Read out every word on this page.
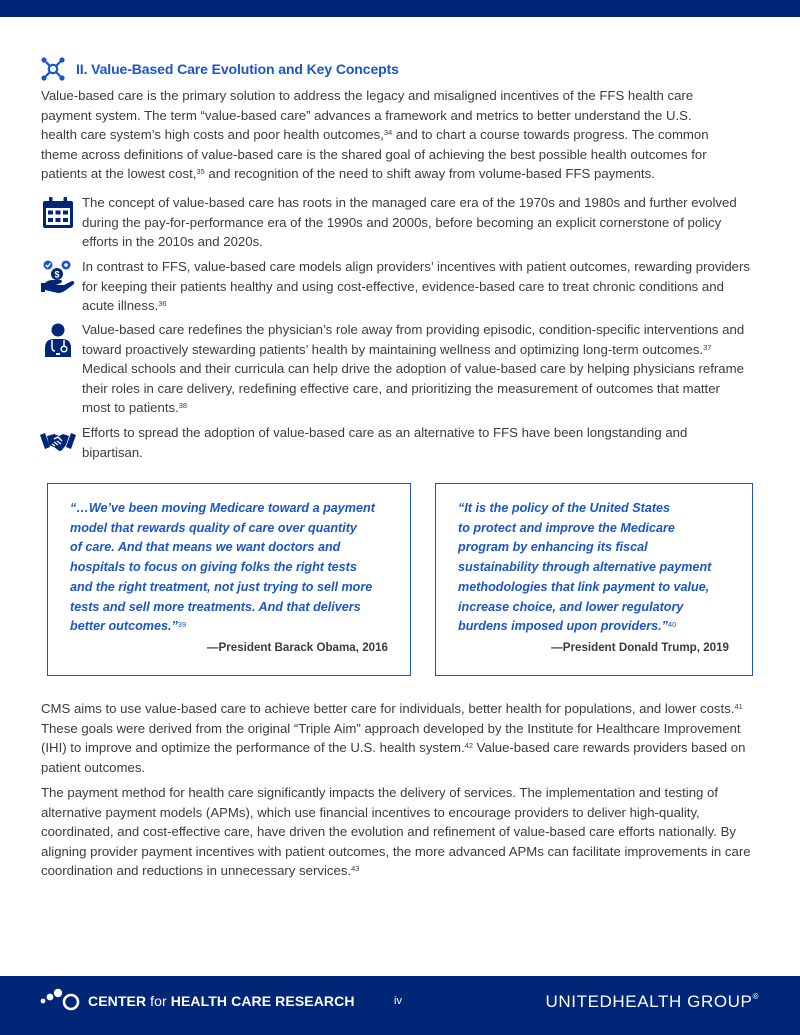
II. Value-Based Care Evolution and Key Concepts
Value-based care is the primary solution to address the legacy and misaligned incentives of the FFS health care
payment system. The term “value-based care” advances a framework and metrics to better understand the U.S.
health care system’s high costs and poor health outcomes,$^{34}$ and to chart a course towards progress. The common
theme across definitions of value-based care is the shared goal of achieving the best possible health outcomes for
patients at the lowest cost,$^{35}$ and recognition of the need to shift away from volume-based FFS payments.
The concept of value-based care has roots in the managed care era of the 1970s and 1980s and further evolved during the pay-for-performance era of the 1990s and 2000s, before becoming an explicit cornerstone of policy efforts in the 2010s and 2020s.
$
In contrast to FFS, value-based care models align providers’ incentives with patient outcomes, rewarding providers for keeping their patients healthy and using cost-effective, evidence-based care to treat chronic conditions and acute illness.$^{36}$
Value-based care redefines the physician’s role away from providing episodic, condition-specific interventions and toward proactively stewarding patients’ health by maintaining wellness and optimizing long-term outcomes.$^{37}$ Medical schools and their curricula can help drive the adoption of value-based care by helping physicians reframe their roles in care delivery, redefining effective care, and prioritizing the measurement of outcomes that matter most to patients.$^{38}$
Efforts to spread the adoption of value-based care as an alternative to FFS have been longstanding and bipartisan.
“…We’ve been moving Medicare toward a payment
model that rewards quality of care over quantity
of care. And that means we want doctors and
hospitals to focus on giving folks the right tests
and the right treatment, not just trying to sell more
tests and sell more treatments. And that delivers
better outcomes.”$^{39}$
—President Barack Obama, 2016
“It is the policy of the United States
to protect and improve the Medicare
program by enhancing its fiscal
sustainability through alternative payment
methodologies that link payment to value,
increase choice, and lower regulatory
burdens imposed upon providers.”$^{40}$
—President Donald Trump, 2019
CMS aims to use value-based care to achieve better care for individuals, better health for populations, and lower costs.$^{41}$ These goals were derived from the original “Triple Aim” approach developed by the Institute for Healthcare Improvement (IHI) to improve and optimize the performance of the U.S. health system.$^{42}$ Value-based care rewards providers based on patient outcomes.
The payment method for health care significantly impacts the delivery of services. The implementation and testing of alternative payment models (APMs), which use financial incentives to encourage providers to deliver high-quality, coordinated, and cost-effective care, have driven the evolution and refinement of value-based care efforts nationally. By aligning provider payment incentives with patient outcomes, the more advanced APMs can facilitate improvements in care coordination and reductions in unnecessary services.$^{43}$
CENTER for HEALTH CARE RESEARCH	iv	UNITEDHEALTH GROUP®
